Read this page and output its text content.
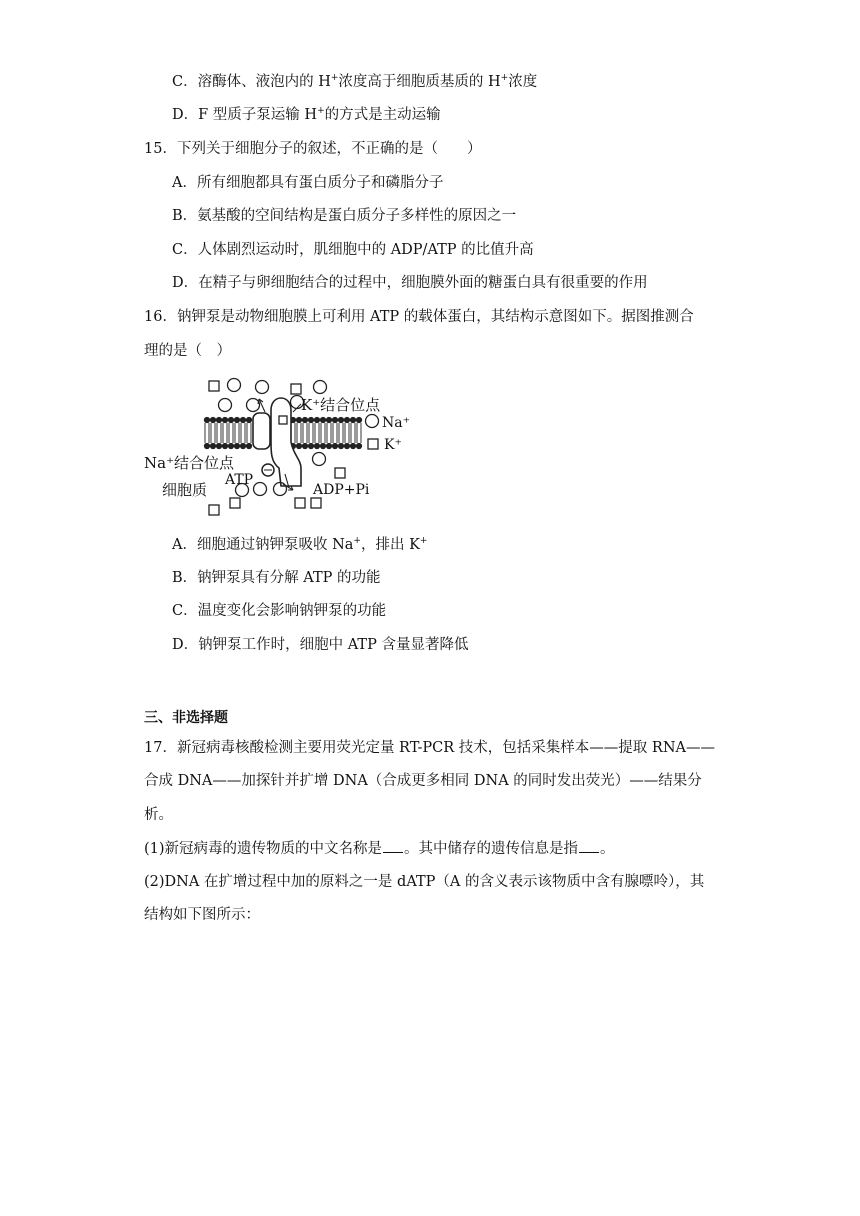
C．溶酶体、液泡内的 H+浓度高于细胞质基质的 H+浓度
D．F 型质子泵运输 H+的方式是主动运输
15．下列关于细胞分子的叙述，不正确的是（　　）
A．所有细胞都具有蛋白质分子和磷脂分子
B．氨基酸的空间结构是蛋白质分子多样性的原因之一
C．人体剧烈运动时，肌细胞中的 ADP/ATP 的比值升高
D．在精子与卵细胞结合的过程中，细胞膜外面的糖蛋白具有很重要的作用
16．钠钾泵是动物细胞膜上可利用 ATP 的载体蛋白，其结构示意图如下。据图推测合
理的是（　）
K⁺结合位点
Na⁺
K⁺
Na⁺结合位点
细胞质
ATP
ADP+Pi
A．细胞通过钠钾泵吸收 Na+，排出 K+
B．钠钾泵具有分解 ATP 的功能
C．温度变化会影响钠钾泵的功能
D．钠钾泵工作时，细胞中 ATP 含量显著降低
三、非选择题
17．新冠病毒核酸检测主要用荧光定量 RT-PCR 技术，包括采集样本——提取 RNA——
合成 DNA——加探针并扩增 DNA（合成更多相同 DNA 的同时发出荧光）——结果分
析。
(1)新冠病毒的遗传物质的中文名称是 。其中储存的遗传信息是指 。
(2)DNA 在扩增过程中加的原料之一是 dATP（A 的含义表示该物质中含有腺嘌呤），其
结构如下图所示：
